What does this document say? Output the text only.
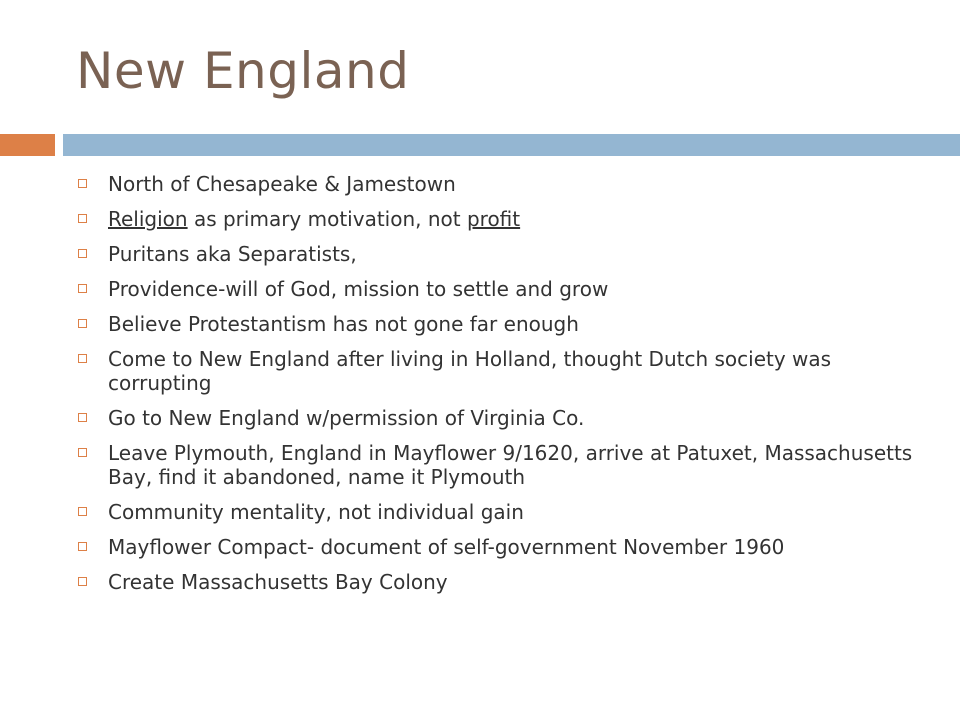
New England
North of Chesapeake & Jamestown
Religion as primary motivation, not profit
Puritans aka Separatists,
Providence-will of God, mission to settle and grow
Believe Protestantism has not gone far enough
Come to New England after living in Holland, thought Dutch society was corrupting
Go to New England w/permission of Virginia Co.
Leave Plymouth, England in Mayflower 9/1620, arrive at Patuxet, Massachusetts Bay, find it abandoned, name it Plymouth
Community mentality, not individual gain
Mayflower Compact- document of self-government November 1960
Create Massachusetts Bay Colony
